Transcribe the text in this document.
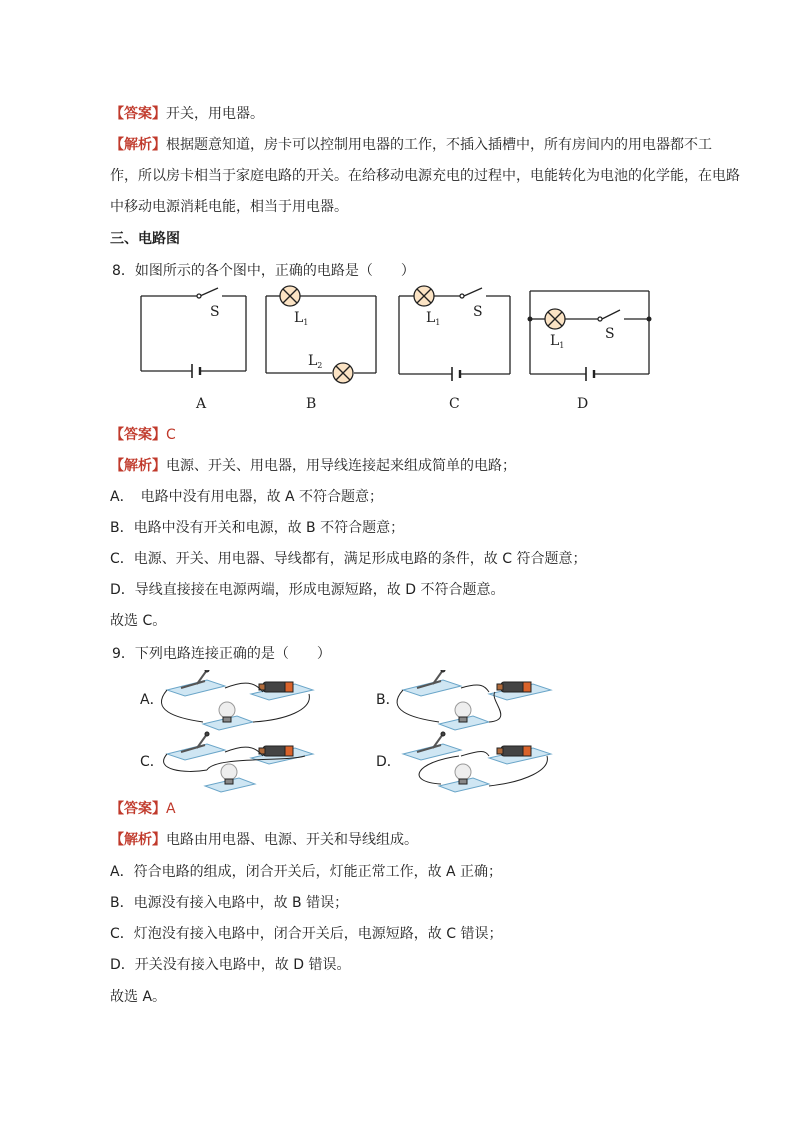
【答案】开关，用电器。
【解析】根据题意知道，房卡可以控制用电器的工作，不插入插槽中，所有房间内的用电器都不工
作，所以房卡相当于家庭电路的开关。在给移动电源充电的过程中，电能转化为电池的化学能，在电路
中移动电源消耗电能，相当于用电器。
三、电路图
8．如图所示的各个图中，正确的电路是（　　）
S	$L_1$
$L_2$
$L_1$
S
$L_1$
S
A	B	C	D
【答案】C
【解析】电源、开关、用电器，用导线连接起来组成简单的电路；
A．　电路中没有用电器，故 A 不符合题意；
B．电路中没有开关和电源，故 B 不符合题意；
C．电源、开关、用电器、导线都有，满足形成电路的条件，故 C 符合题意；
D．导线直接接在电源两端，形成电源短路，故 D 不符合题意。
故选 C。
9．下列电路连接正确的是（　　）
A．	B．
C．	D．
【答案】A
【解析】电路由用电器、电源、开关和导线组成。
A．符合电路的组成，闭合开关后，灯能正常工作，故 A 正确；
B．电源没有接入电路中，故 B 错误；
C．灯泡没有接入电路中，闭合开关后，电源短路，故 C 错误；
D．开关没有接入电路中，故 D 错误。
故选 A。
